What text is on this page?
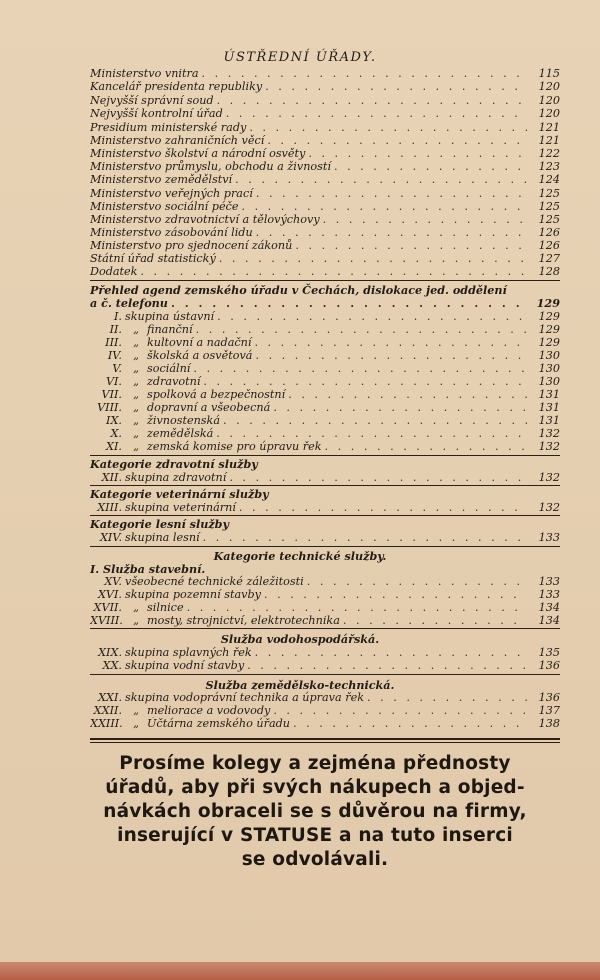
ÚSTŘEDNÍ ÚŘADY.
Ministerstvo vnitra . . .	115
Kancelář presidenta republiky . . .	120
Nejvyšší správní soud . . .	120
Nejvyšší kontrolní úřad . . .	120
Presidium ministerské rady . . .	121
Ministerstvo zahraničních věcí . . .	121
Ministerstvo školství a národní osvěty . . .	122
Ministerstvo průmyslu, obchodu a živností . . .	123
Ministerstvo zemědělství . . .	124
Ministerstvo veřejných prací . . .	125
Ministerstvo sociální péče . . .	125
Ministerstvo zdravotnictví a tělovýchovy . . .	125
Ministerstvo zásobování lidu . . .	126
Ministerstvo pro sjednocení zákonů . . .	126
Státní úřad statistický . . .	127
Dodatek . . .	128
Přehled agend zemského úřadu v Čechách, dislokace jed. oddělení
a č. telefonu . . .	129
I. skupina ústavní . . .	129
II. „ finanční . . .	129
III. „ kultovní a nadační . . .	129
IV. „ školská a osvětová . . .	130
V. „ sociální . . .	130
VI. „ zdravotní . . .	130
VII. „ spolková a bezpečnostní . . .	131
VIII. „ dopravní a všeobecná . . .	131
IX. „ živnostenská . . .	131
X. „ zemědělská . . .	132
XI. „ zemská komise pro úpravu řek . . .	132
Kategorie zdravotní služby
XII. skupina zdravotní . . .	132
Kategorie veterinární služby
XIII. skupina veterinární . . .	132
Kategorie lesní služby
XIV. skupina lesní . . .	133
Kategorie technické služby.
I. Služba stavební.
XV. všeobecné technické záležitosti . . .	133
XVI. skupina pozemní stavby . . .	133
XVII. „ silnice . . .	134
XVIII. „ mosty, strojnictví, elektrotechnika . . .	134
Služba vodohospodářská.
XIX. skupina splavných řek . . .	135
XX. skupina vodní stavby . . .	136
Služba zemědělsko-technická.
XXI. skupina vodoprávní technika a úprava řek . . .	136
XXII. „ meliorace a vodovody . . .	137
XXIII. „ Účtárna zemského úřadu . . .	138
Prosíme kolegy a zejména přednosty
úřadů, aby při svých nákupech a objed-
návkách obraceli se s důvěrou na firmy,
inserující v STATUSE a na tuto inserci
se odvolávali.
